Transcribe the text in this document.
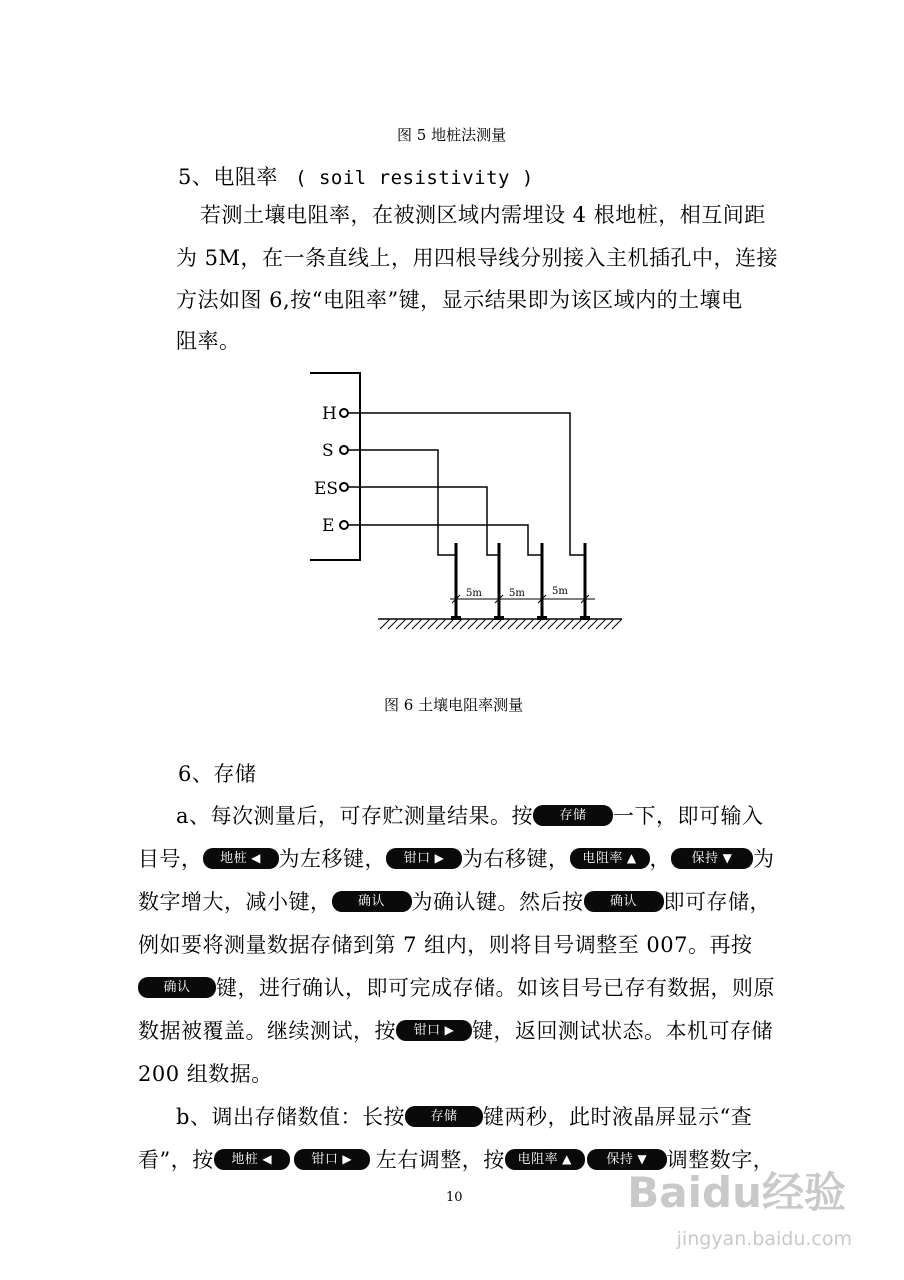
图 5 地桩法测量
5、电阻率 ( soil resistivity )
若测土壤电阻率，在被测区域内需埋设 4 根地桩，相互间距
为 5M，在一条直线上，用四根导线分别接入主机插孔中，连接
方法如图 6,按“电阻率”键，显示结果即为该区域内的土壤电
阻率。
H
S
ES
E
5m	5m	5m
图 6 土壤电阻率测量
6、存储
a、每次测量后，可存贮测量结果。按 存储 一下，即可输入
目号， 地桩 ◀ 为左移键， 钳口 ▶ 为右移键， 电阻率 ▲ ， 保持 ▼ 为
数字增大，减小键， 确认 为确认键。然后按 确认 即可存储，
例如要将测量数据存储到第 7 组内，则将目号调整至 007。再按
确认 键，进行确认，即可完成存储。如该目号已存有数据，则原
数据被覆盖。继续测试，按 钳口 ▶ 键，返回测试状态。本机可存储
200 组数据。
b、调出存储数值：长按 存储 键两秒，此时液晶屏显示“查
看”，按 地桩 ◀	钳口 ▶ 左右调整，按 电阻率 ▲	保持 ▼ 调整数字，
10	Baidu经验
jingyan.baidu.com
